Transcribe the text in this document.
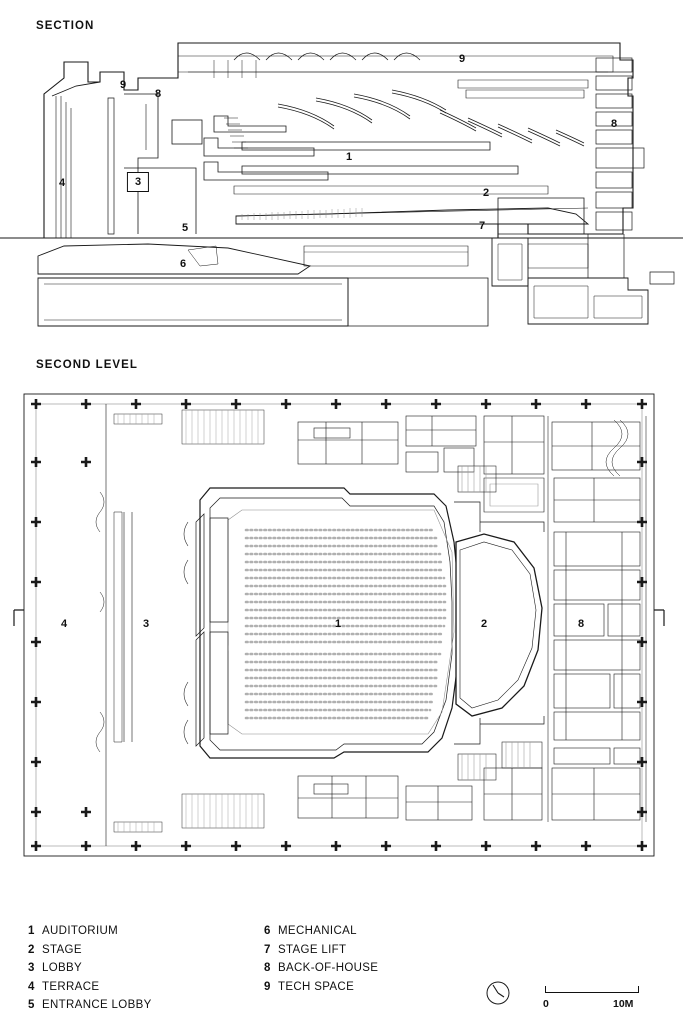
SECTION
1
2
3
4
5
6
7
8
8
9
9
SECOND LEVEL
1	2
3
4	8
1 AUDITORIUM
2 STAGE
3 LOBBY
4 TERRACE
5 ENTRANCE LOBBY
6 MECHANICAL
7 STAGE LIFT
8 BACK-OF-HOUSE
9 TECH SPACE
0	10M
